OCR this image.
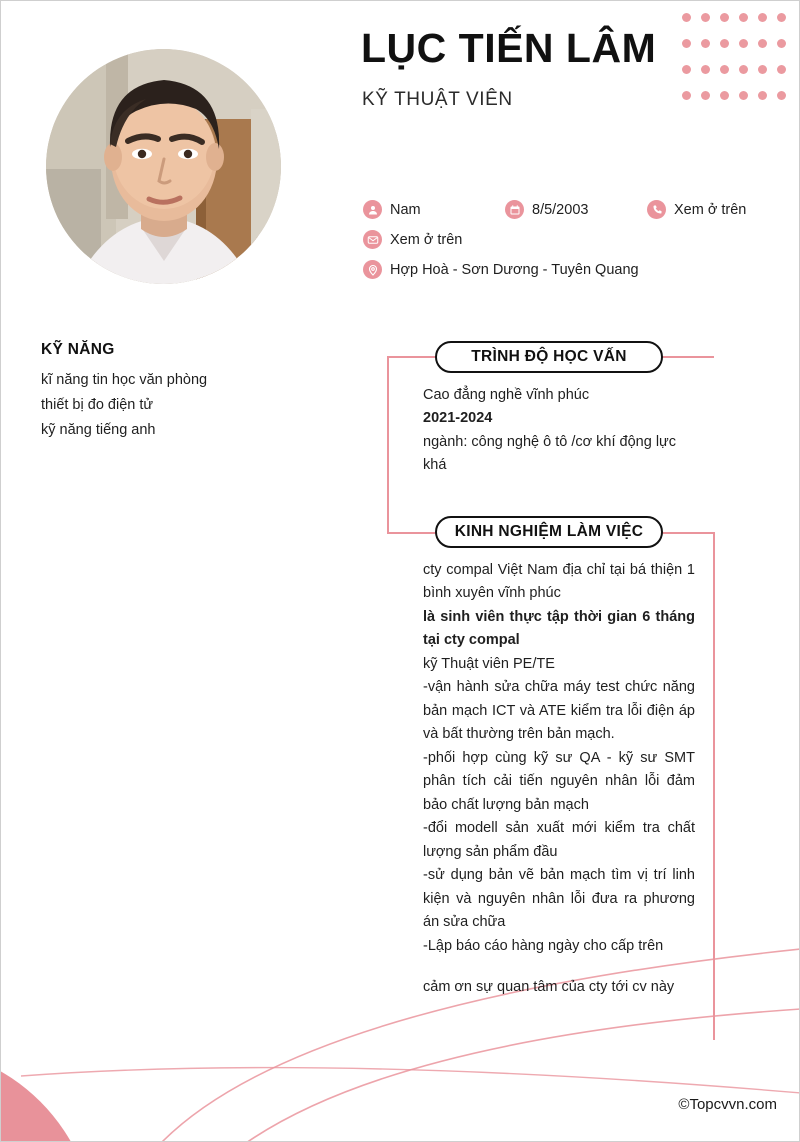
LỤC TIẾN LÂM
KỸ THUẬT VIÊN
Nam	8/5/2003	Xem ở trên
Xem ở trên
Hợp Hoà - Sơn Dương - Tuyên Quang
KỸ NĂNG

kĩ năng tin học văn phòng

thiết bị đo điện tử

kỹ năng tiếng anh

TRÌNH ĐỘ HỌC VẤN

Cao đẳng nghề vĩnh phúc

2021-2024

ngành: công nghệ ô tô /cơ khí động lực

khá

KINH NGHIỆM LÀM VIỆC

cty compal Việt Nam địa chỉ tại bá thiện 1 bình xuyên vĩnh phúc

là sinh viên thực tập thời gian 6 tháng tại cty compal

kỹ Thuật viên PE/TE

-vận hành sửa chữa máy test chức năng bản mạch ICT và ATE kiểm tra lỗi điện áp và bất thường trên bản mạch.

-phối hợp cùng kỹ sư QA - kỹ sư SMT phân tích cải tiến nguyên nhân lỗi đảm bảo chất lượng bản mạch

-đổi modell sản xuất mới kiểm tra chất lượng sản phẩm đầu

-sử dụng bản vẽ bản mạch tìm vị trí linh kiện và nguyên nhân lỗi đưa ra phương án sửa chữa

-Lập báo cáo hàng ngày cho cấp trên

cảm ơn sự quan tâm của cty tới cv này

©Topcvvn.com
